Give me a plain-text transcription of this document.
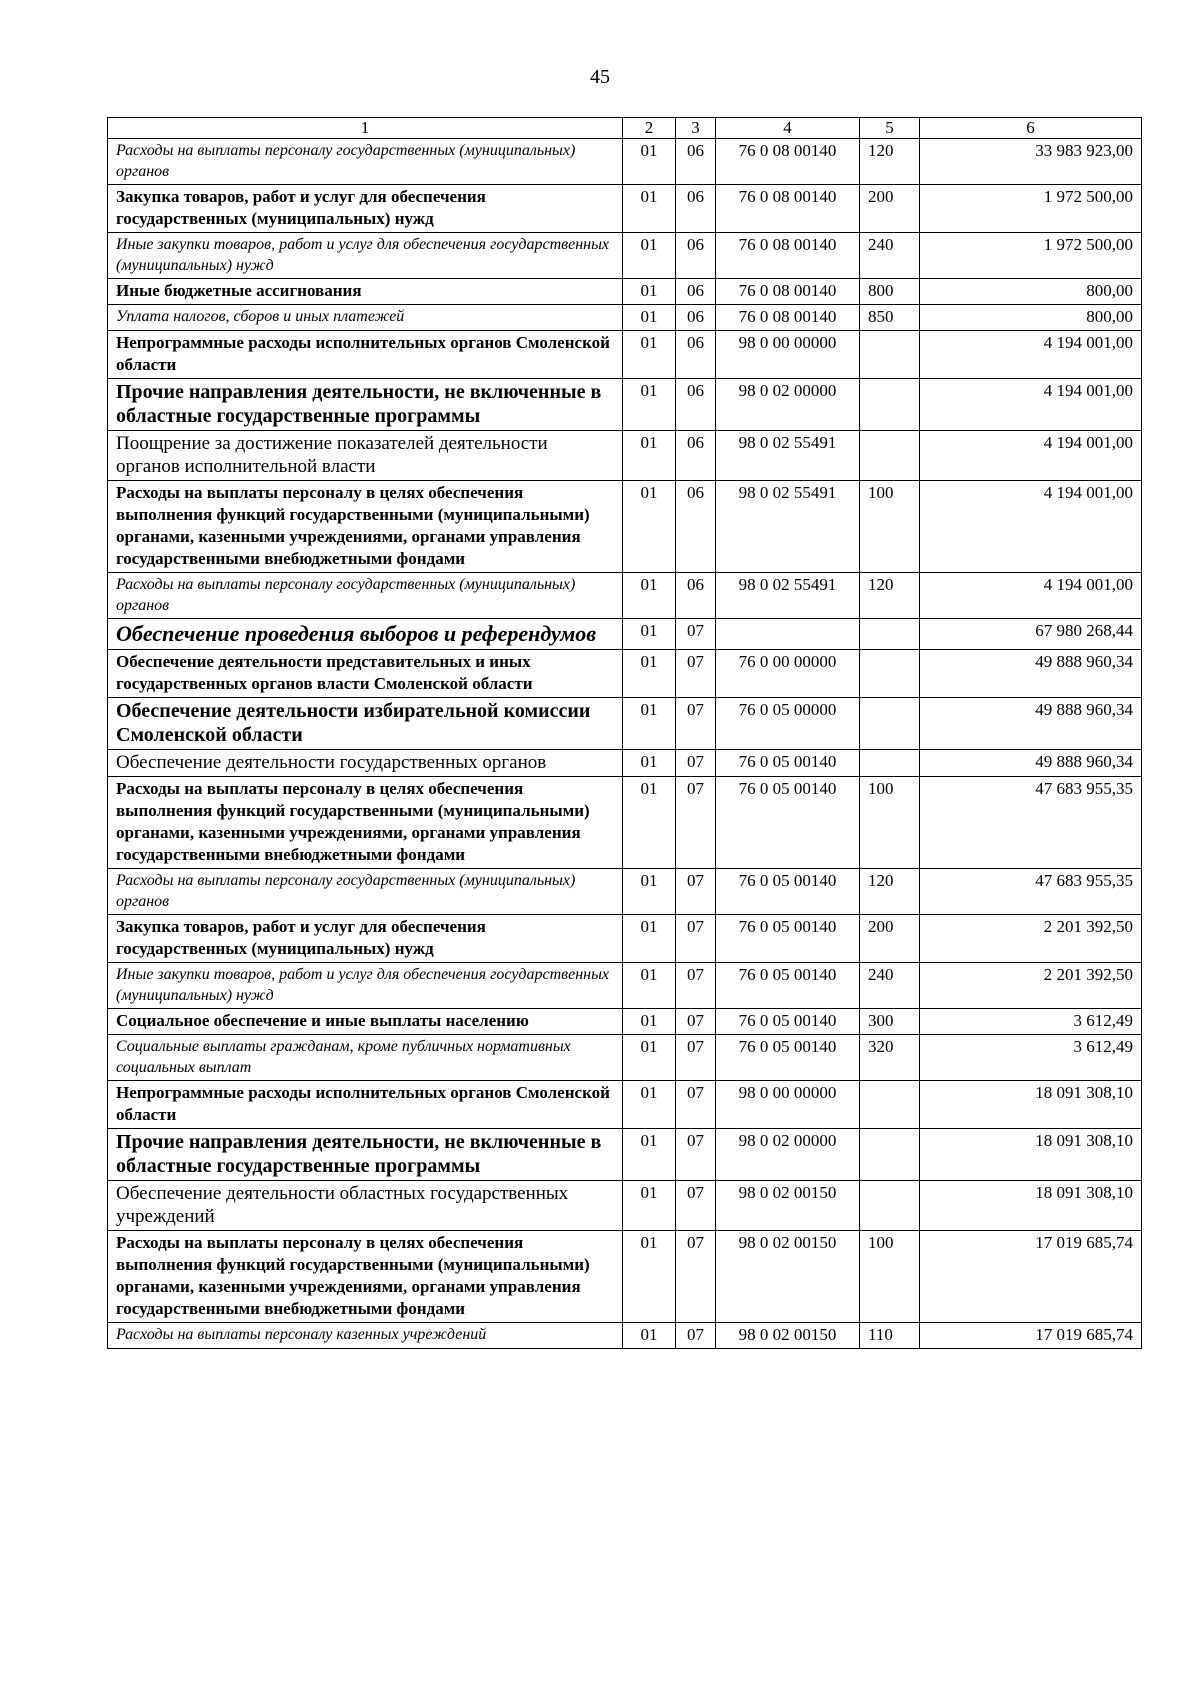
45
1	2	3	4	5	6
Расходы на выплаты персоналу государственных (муниципальных) органов	01	06	76 0 08 00140	120	33 983 923,00
Закупка товаров, работ и услуг для обеспечения государственных (муниципальных) нужд	01	06	76 0 08 00140	200	1 972 500,00
Иные закупки товаров, работ и услуг для обеспечения государственных (муниципальных) нужд	01	06	76 0 08 00140	240	1 972 500,00
Иные бюджетные ассигнования	01	06	76 0 08 00140	800	800,00
Уплата налогов, сборов и иных платежей	01	06	76 0 08 00140	850	800,00
Непрограммные расходы исполнительных органов Смоленской области	01	06	98 0 00 00000		4 194 001,00
Прочие направления деятельности, не включенные в областные государственные программы	01	06	98 0 02 00000		4 194 001,00
Поощрение за достижение показателей деятельности органов исполнительной власти	01	06	98 0 02 55491		4 194 001,00
Расходы на выплаты персоналу в целях обеспечения выполнения функций государственными (муниципальными) органами, казенными учреждениями, органами управления государственными внебюджетными фондами	01	06	98 0 02 55491	100	4 194 001,00
Расходы на выплаты персоналу государственных (муниципальных) органов	01	06	98 0 02 55491	120	4 194 001,00
Обеспечение проведения выборов и референдумов	01	07			67 980 268,44
Обеспечение деятельности представительных и иных государственных органов власти Смоленской области	01	07	76 0 00 00000		49 888 960,34
Обеспечение деятельности избирательной комиссии Смоленской области	01	07	76 0 05 00000		49 888 960,34
Обеспечение деятельности государственных органов	01	07	76 0 05 00140		49 888 960,34
Расходы на выплаты персоналу в целях обеспечения выполнения функций государственными (муниципальными) органами, казенными учреждениями, органами управления государственными внебюджетными фондами	01	07	76 0 05 00140	100	47 683 955,35
Расходы на выплаты персоналу государственных (муниципальных) органов	01	07	76 0 05 00140	120	47 683 955,35
Закупка товаров, работ и услуг для обеспечения государственных (муниципальных) нужд	01	07	76 0 05 00140	200	2 201 392,50
Иные закупки товаров, работ и услуг для обеспечения государственных (муниципальных) нужд	01	07	76 0 05 00140	240	2 201 392,50
Социальное обеспечение и иные выплаты населению	01	07	76 0 05 00140	300	3 612,49
Социальные выплаты гражданам, кроме публичных нормативных социальных выплат	01	07	76 0 05 00140	320	3 612,49
Непрограммные расходы исполнительных органов Смоленской области	01	07	98 0 00 00000		18 091 308,10
Прочие направления деятельности, не включенные в областные государственные программы	01	07	98 0 02 00000		18 091 308,10
Обеспечение деятельности областных государственных учреждений	01	07	98 0 02 00150		18 091 308,10
Расходы на выплаты персоналу в целях обеспечения выполнения функций государственными (муниципальными) органами, казенными учреждениями, органами управления государственными внебюджетными фондами	01	07	98 0 02 00150	100	17 019 685,74
Расходы на выплаты персоналу казенных учреждений	01	07	98 0 02 00150	110	17 019 685,74
